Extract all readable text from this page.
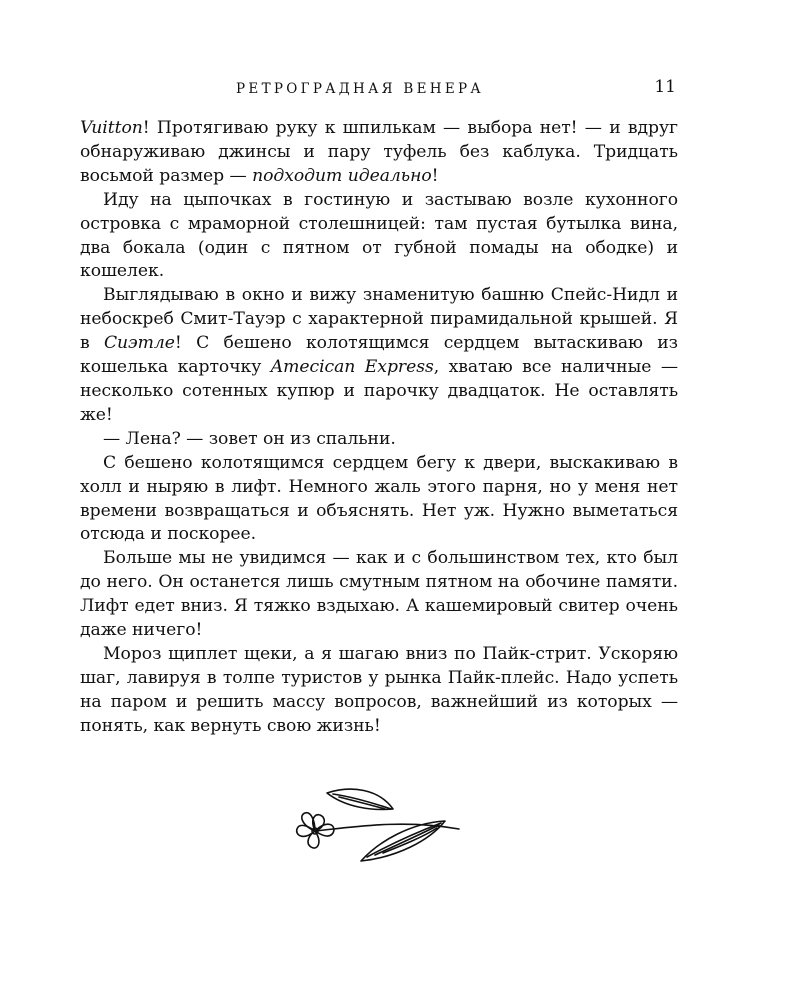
РЕТРОГРАДНАЯ ВЕНЕРА	11

Vuitton! Протягиваю руку к шпилькам — выбора нет! — и вдруг обнаруживаю джинсы и пару туфель без каблука. Тридцать восьмой размер — подходит идеально!

Иду на цыпочках в гостиную и застываю возле кухонного островка с мраморной столешницей: там пустая бутылка вина, два бокала (один с пятном от губной помады на ободке) и кошелек.

Выглядываю в окно и вижу знаменитую башню Спейс-Нидл и небоскреб Смит-Тауэр с характерной пирамидальной крышей. Я в Сиэтле! С бешено колотящимся сердцем вытаскиваю из кошелька карточку Amecican Express, хватаю все наличные — несколько сотенных купюр и парочку двадцаток. Не оставлять же!

— Лена? — зовет он из спальни.

С бешено колотящимся сердцем бегу к двери, выскакиваю в холл и ныряю в лифт. Немного жаль этого парня, но у меня нет времени возвращаться и объяснять. Нет уж. Нужно выметаться отсюда и поскорее.

Больше мы не увидимся — как и с большинством тех, кто был до него. Он останется лишь смутным пятном на обочине памяти. Лифт едет вниз. Я тяжко вздыхаю. А кашемировый свитер очень даже ничего!

Мороз щиплет щеки, а я шагаю вниз по Пайк-стрит. Ускоряю шаг, лавируя в толпе туристов у рынка Пайк-плейс. Надо успеть на паром и решить массу вопросов, важнейший из которых — понять, как вернуть свою жизнь!
